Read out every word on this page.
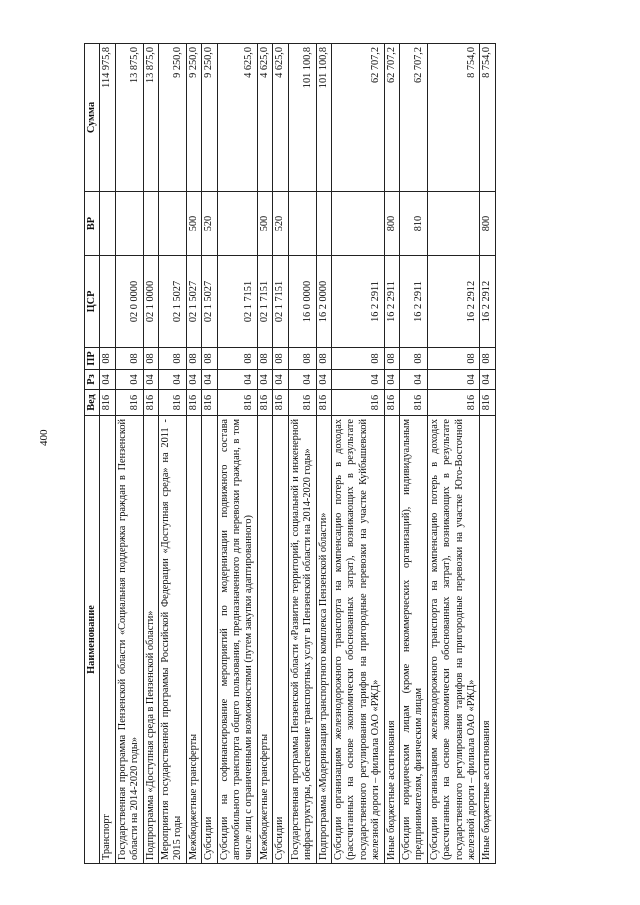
400
Наименование	Вед	Рз	ПР	ЦСР	ВР	Сумма
Транспорт	816	04	08			114 975,8
Государственная программа Пензенской области «Социальная поддержка граждан в Пензенской области на 2014-2020 годы»	816	04	08	02 0 0000		13 875,0
Подпрограмма «Доступная среда в Пензенской области»	816	04	08	02 1 0000		13 875,0
Мероприятия государственной программы Российской Федерации «Доступная среда» на 2011 - 2015 годы	816	04	08	02 1 5027		9 250,0
Межбюджетные трансферты	816	04	08	02 1 5027	500	9 250,0
Субсидии	816	04	08	02 1 5027	520	9 250,0
Субсидии на софинансирование мероприятий по модернизации подвижного состава автомобильного транспорта общего пользования, предназначенного для перевозки граждан, в том числе лиц с ограниченными возможностями (путем закупки адаптированного)	816	04	08	02 1 7151		4 625,0
Межбюджетные трансферты	816	04	08	02 1 7151	500	4 625,0
Субсидии	816	04	08	02 1 7151	520	4 625,0
Государственная программа Пензенской области «Развитие территорий, социальной и инженерной инфраструктуры, обеспечение транспортных услуг в Пензенской области на 2014-2020 годы»	816	04	08	16 0 0000		101 100,8
Подпрограмма «Модернизация транспортного комплекса Пензенской области»	816	04	08	16 2 0000		101 100,8
Субсидии организациям железнодорожного транспорта на компенсацию потерь в доходах (рассчитанных на основе экономически обоснованных затрат), возникающих в результате государственного регулирования тарифов на пригородные перевозки на участке Куйбышевской железной дороги – филиала ОАО «РЖД»	816	04	08	16 2 2911		62 707,2
Иные бюджетные ассигнования	816	04	08	16 2 2911	800	62 707,2
Субсидии юридическим лицам (кроме некоммерческих организаций), индивидуальным предпринимателям, физическим лицам	816	04	08	16 2 2911	810	62 707,2
Субсидии организациям железнодорожного транспорта на компенсацию потерь в доходах (рассчитанных на основе экономически обоснованных затрат), возникающих в результате государственного регулирования тарифов на пригородные перевозки на участке Юго-Восточной железной дороги – филиала ОАО «РЖД»	816	04	08	16 2 2912		8 754,0
Иные бюджетные ассигнования	816	04	08	16 2 2912	800	8 754,0
